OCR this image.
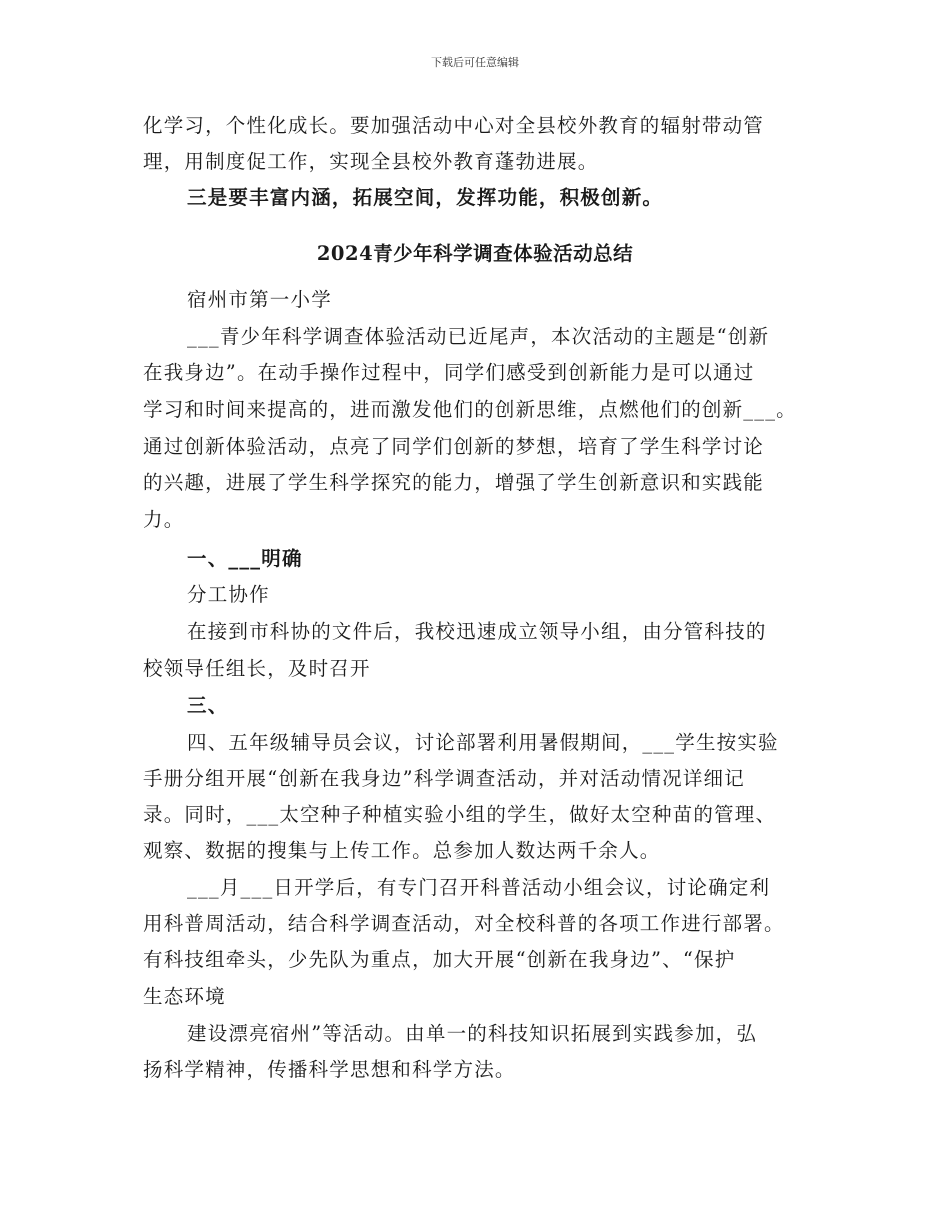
下载后可任意编辑
化学习，个性化成长。要加强活动中心对全县校外教育的辐射带动管
理，用制度促工作，实现全县校外教育蓬勃进展。
三是要丰富内涵，拓展空间，发挥功能，积极创新。
2024青少年科学调查体验活动总结
宿州市第一小学
___青少年科学调查体验活动已近尾声，本次活动的主题是“创新
在我身边”。在动手操作过程中，同学们感受到创新能力是可以通过
学习和时间来提高的，进而激发他们的创新思维，点燃他们的创新___。
通过创新体验活动，点亮了同学们创新的梦想，培育了学生科学讨论
的兴趣，进展了学生科学探究的能力，增强了学生创新意识和实践能
力。
一、___明确
分工协作
在接到市科协的文件后，我校迅速成立领导小组，由分管科技的
校领导任组长，及时召开
三、
四、五年级辅导员会议，讨论部署利用暑假期间，___学生按实验
手册分组开展“创新在我身边”科学调查活动，并对活动情况详细记
录。同时，___太空种子种植实验小组的学生，做好太空种苗的管理、
观察、数据的搜集与上传工作。总参加人数达两千余人。
___月___日开学后，有专门召开科普活动小组会议，讨论确定利
用科普周活动，结合科学调查活动，对全校科普的各项工作进行部署。
有科技组牵头，少先队为重点，加大开展“创新在我身边”、“保护
生态环境
建设漂亮宿州”等活动。由单一的科技知识拓展到实践参加，弘
扬科学精神，传播科学思想和科学方法。
